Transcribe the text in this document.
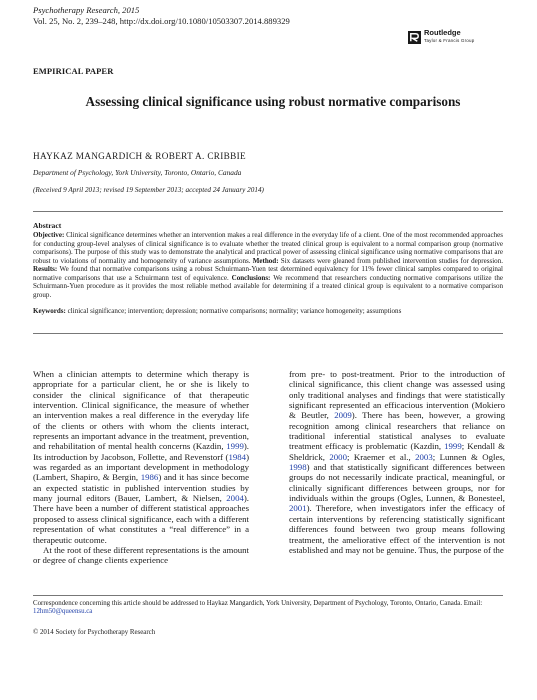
Psychotherapy Research, 2015
Vol. 25, No. 2, 239–248, http://dx.doi.org/10.1080/10503307.2014.889329
Routledge
Taylor & Francis Group
EMPIRICAL PAPER
Assessing clinical significance using robust normative comparisons
HAYKAZ MANGARDICH & ROBERT A. CRIBBIE
Department of Psychology, York University, Toronto, Ontario, Canada
(Received 9 April 2013; revised 19 September 2013; accepted 24 January 2014)
Abstract
Objective: Clinical significance determines whether an intervention makes a real difference in the everyday life of a client. One of the most recommended approaches for conducting group-level analyses of clinical significance is to evaluate whether the treated clinical group is equivalent to a normal comparison group (normative comparisons). The purpose of this study was to demonstrate the analytical and practical power of assessing clinical significance using normative comparisons that are robust to violations of normality and homogeneity of variance assumptions. Method: Six datasets were gleaned from published intervention studies for depression. Results: We found that normative comparisons using a robust Schuirmann-Yuen test determined equivalency for 11% fewer clinical samples compared to original normative comparisons that use a Schuirmann test of equivalence. Conclusions: We recommend that researchers conducting normative comparisons utilize the Schuirmann-Yuen procedure as it provides the most reliable method available for determining if a treated clinical group is equivalent to a normative comparison group.
Keywords: clinical significance; intervention; depression; normative comparisons; normality; variance homogeneity; assumptions

When a clinician attempts to determine which therapy is appropriate for a particular client, he or she is likely to consider the clinical significance of that therapeutic intervention. Clinical significance, the measure of whether an intervention makes a real difference in the everyday life of the clients or others with whom the clients interact, represents an important advance in the treatment, prevention, and rehabilitation of mental health concerns (Kazdin, 1999). Its introduction by Jacobson, Follette, and Revenstorf (1984) was regarded as an important development in methodology (Lambert, Shapiro, & Bergin, 1986) and it has since become an expected statistic in published intervention studies by many journal editors (Bauer, Lambert, & Nielsen, 2004). There have been a number of different statistical approaches proposed to assess clinical significance, each with a different representation of what constitutes a “real difference” in a therapeutic outcome.

At the root of these different representations is the amount or degree of change clients experience

from pre- to post-treatment. Prior to the introduction of clinical significance, this client change was assessed using only traditional analyses and findings that were statistically significant represented an efficacious intervention (Mokiero & Beutler, 2009). There has been, however, a growing recognition among clinical researchers that reliance on traditional inferential statistical analyses to evaluate treatment efficacy is problematic (Kazdin, 1999; Kendall & Sheldrick, 2000; Kraemer et al., 2003; Lunnen & Ogles, 1998) and that statistically significant differences between groups do not necessarily indicate practical, meaningful, or clinically significant differences between groups, nor for individuals within the groups (Ogles, Lunnen, & Bonesteel, 2001). Therefore, when investigators infer the efficacy of certain interventions by referencing statistically significant differences found between two group means following treatment, the ameliorative effect of the intervention is not established and may not be genuine. Thus, the purpose of the

Correspondence concerning this article should be addressed to Haykaz Mangardich, York University, Department of Psychology, Toronto, Ontario, Canada. Email: 12hm50@queensu.ca
© 2014 Society for Psychotherapy Research
